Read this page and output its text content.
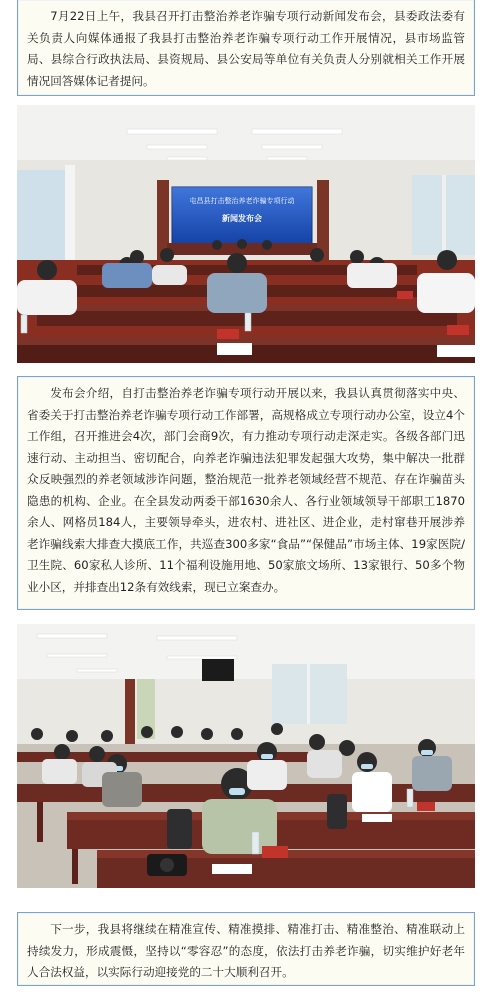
7月22日上午，我县召开打击整治养老诈骗专项行动新闻发布会，县委政法委有关负责人向媒体通报了我县打击整治养老诈骗专项行动工作开展情况，县市场监管局、县综合行政执法局、县资规局、县公安局等单位有关负责人分别就相关工作开展情况回答媒体记者提问。

屯昌县打击整治养老诈骗专项行动
新闻发布会

发布会介绍，自打击整治养老诈骗专项行动开展以来，我县认真贯彻落实中央、省委关于打击整治养老诈骗专项行动工作部署，高规格成立专项行动办公室，设立4个工作组，召开推进会4次，部门会商9次，有力推动专项行动走深走实。各级各部门迅速行动、主动担当、密切配合，向养老诈骗违法犯罪发起强大攻势，集中解决一批群众反映强烈的养老领域涉诈问题，整治规范一批养老领域经营不规范、存在诈骗苗头隐患的机构、企业。在全县发动两委干部1630余人、各行业领域领导干部职工1870余人、网格员184人，主要领导牵头，进农村、进社区、进企业，走村窜巷开展涉养老诈骗线索大排查大摸底工作，共巡查300多家“食品”“保健品”市场主体、19家医院/卫生院、60家私人诊所、11个福利设施用地、50家旅文场所、13家银行、50多个物业小区，并排查出12条有效线索，现已立案查办。

下一步，我县将继续在精准宣传、精准摸排、精准打击、精准整治、精准联动上持续发力，形成震慑，坚持以“零容忍”的态度，依法打击养老诈骗，切实维护好老年人合法权益，以实际行动迎接党的二十大顺利召开。
